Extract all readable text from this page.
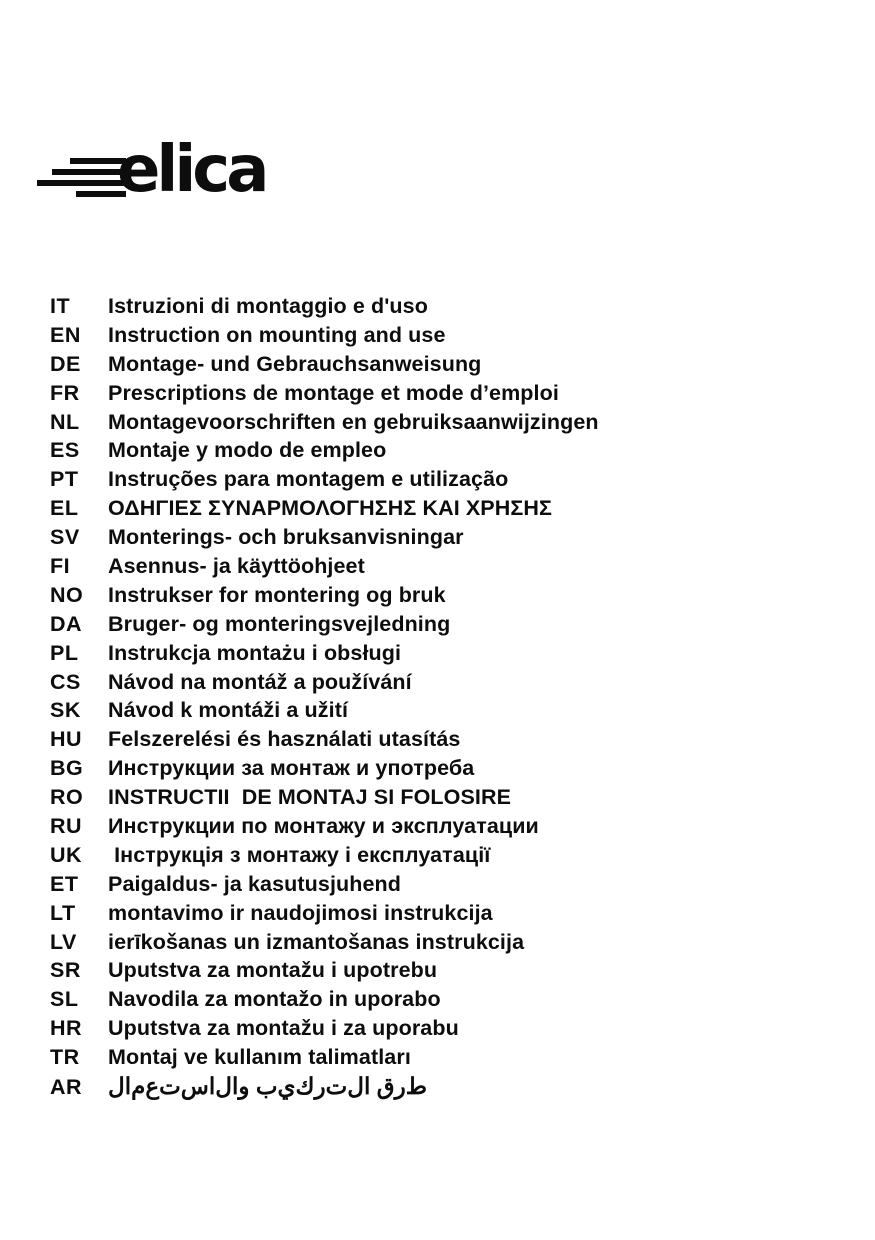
elica
IT	Istruzioni di montaggio e d'uso
EN	Instruction on mounting and use
DE	Montage- und Gebrauchsanweisung
FR	Prescriptions de montage et mode d’emploi
NL	Montagevoorschriften en gebruiksaanwijzingen
ES	Montaje y modo de empleo
PT	Instruções para montagem e utilização
EL	ΟΔΗΓΙΕΣ ΣΥΝΑΡΜΟΛΟΓΗΣΗΣ ΚΑΙ ΧΡΗΣΗΣ
SV	Monterings- och bruksanvisningar
FI	Asennus- ja käyttöohjeet
NO	Instrukser for montering og bruk
DA	Bruger- og monteringsvejledning
PL	Instrukcja montażu i obsługi
CS	Návod na montáž a používání
SK	Návod k montáži a užití
HU	Felszerelési és használati utasítás
BG	Инструкции за монтаж и употреба
RO	INSTRUCTII  DE MONTAJ SI FOLOSIRE
RU	Инструкции по монтажу и эксплуатации
UK	Інструкція з монтажу і експлуатації
ET	Paigaldus- ja kasutusjuhend
LT	montavimo ir naudojimosi instrukcija
LV	ierīkošanas un izmantošanas instrukcija
SR	Uputstva za montažu i upotrebu
SL	Navodila za montažo in uporabo
HR	Uputstva za montažu i za uporabu
TR	Montaj ve kullanım talimatları
AR	ط‌ر‌ق ا‌ل‌ت‌ر‌ك‌ي‌ب و‌ا‌ل‌ا‌س‌ت‌ع‌م‌ا‌ل
